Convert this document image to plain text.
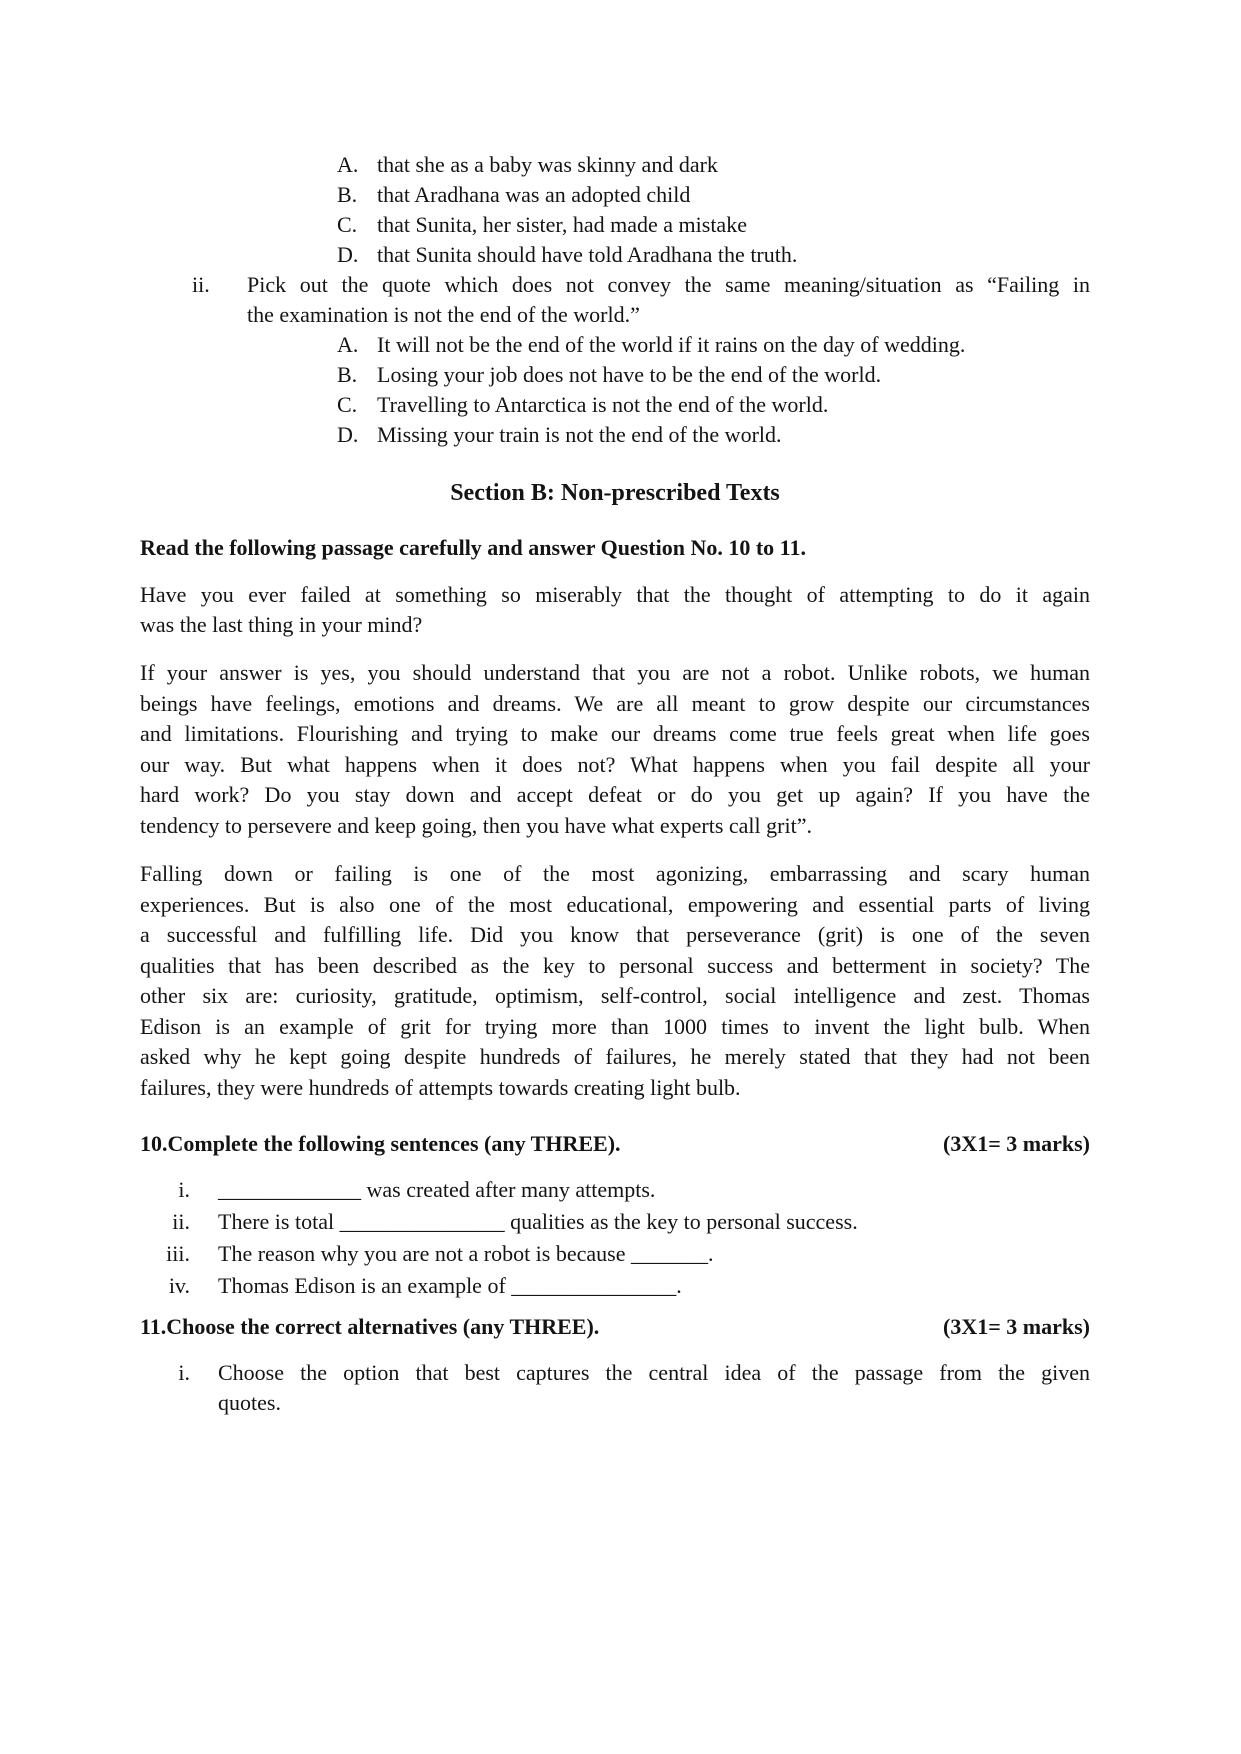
A. that she as a baby was skinny and dark
B. that Aradhana was an adopted child
C. that Sunita, her sister, had made a mistake
D. that Sunita should have told Aradhana the truth.
ii.	Pick out the quote which does not convey the same meaning/situation as “Failing in
the examination is not the end of the world.”
A. It will not be the end of the world if it rains on the day of wedding.
B. Losing your job does not have to be the end of the world.
C. Travelling to Antarctica is not the end of the world.
D. Missing your train is not the end of the world.
Section B: Non-prescribed Texts
Read the following passage carefully and answer Question No. 10 to 11.
Have you ever failed at something so miserably that the thought of attempting to do it again
was the last thing in your mind?
If your answer is yes, you should understand that you are not a robot. Unlike robots, we human
beings have feelings, emotions and dreams. We are all meant to grow despite our circumstances
and limitations. Flourishing and trying to make our dreams come true feels great when life goes
our way. But what happens when it does not? What happens when you fail despite all your
hard work? Do you stay down and accept defeat or do you get up again? If you have the
tendency to persevere and keep going, then you have what experts call grit”.
Falling down or failing is one of the most agonizing, embarrassing and scary human
experiences. But is also one of the most educational, empowering and essential parts of living
a successful and fulfilling life. Did you know that perseverance (grit) is one of the seven
qualities that has been described as the key to personal success and betterment in society? The
other six are: curiosity, gratitude, optimism, self-control, social intelligence and zest. Thomas
Edison is an example of grit for trying more than 1000 times to invent the light bulb. When
asked why he kept going despite hundreds of failures, he merely stated that they had not been
failures, they were hundreds of attempts towards creating light bulb.
10.Complete the following sentences (any THREE).	(3X1= 3 marks)
i. _____________ was created after many attempts.
ii. There is total _______________ qualities as the key to personal success.
iii. The reason why you are not a robot is because _______.
iv. Thomas Edison is an example of _______________.
11.Choose the correct alternatives (any THREE).	(3X1= 3 marks)
i. Choose the option that best captures the central idea of the passage from the given
quotes.
